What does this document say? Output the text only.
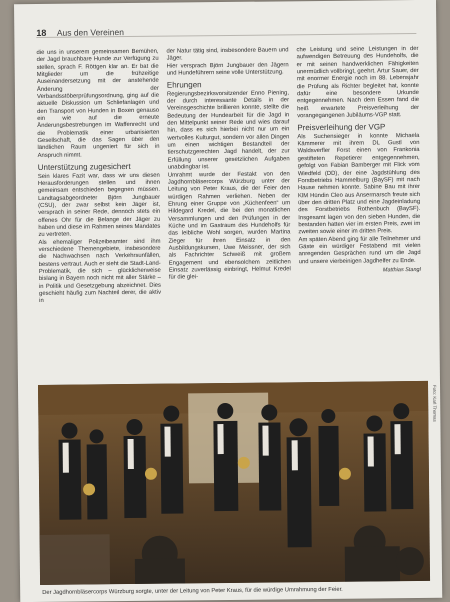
18 Aus den Vereinen

die uns in unserem gemeinsamen Bemühen, der Jagd brauchbare Hunde zur Verfügung zu stellen, sprach F. Röttgen klar an. Er bat die Mitglieder um die frühzeitige Auseinandersetzung mit der anstehende Änderung der Verbandsstöberprüfungsordnung, ging auf die aktuelle Diskussion um Schliefanlagen und den Transport von Hunden in Boxen genauso ein wie auf die erneute Änderungsbestrebungen im Waffenrecht und die Problematik einer urbanisierten Gesellschaft, die das Sagen über den ländlichen Raum ungeniert für sich in Anspruch nimmt.

Unterstützung zugesichert

Sein klares Fazit war, dass wir uns diesen Herausforderungen stellen und ihnen gemeinsam entschieden begegnen müssen. Landtagsabgeordneter Björn Jungbauer (CSU), der zwar selbst kein Jäger ist, versprach in seiner Rede, dennoch stets ein offenes Ohr für die Belange der Jäger zu haben und diese im Rahmen seines Mandates zu vertreten.

Als ehemaliger Polizeibeamter sind ihm verschiedene Themengebiete, insbesondere die Nachwachsen nach Verkehrsunfällen, bestens vertraut. Auch er sieht die Stadt-Land-Problematik, die sich – glücklicherweise bislang in Bayern noch nicht mit aller Stärke – in Politik und Gesetzgebung abzeichnet. Dies geschieht häufig zum Nachteil derer, die aktiv in

der Natur tätig sind, insbesondere Bauern und Jäger.

Hier versprach Björn Jungbauer den Jägern und Hundeführern seine volle Unterstützung.

Ehrungen

Regierungsbezirksvorsitzender Enno Piening, der durch interessante Details in der Vereinsgeschichte brillieren konnte, stellte die Bedeutung der Hundearbeit für die Jagd in den Mittelpunkt seiner Rede und wies darauf hin, dass es sich hierbei nicht nur um ein wertvolles Kulturgut, sondern vor allen Dingen um einen wichtigen Bestandteil der tierschutzgerechten Jagd handelt, der zur Erfüllung unserer gesetzlichen Aufgaben unabdingbar ist.

Umrahmt wurde der Festakt von den Jagdhornbläsercorps Würzburg unter der Leitung von Peter Kraus, die der Feier den würdigen Rahmen verliehen. Neben der Ehrung einer Gruppe von „Küchenfeen“ um Hildegard Kredel, die bei den monatlichen Versammlungen und den Prüfungen in der Küche und im Gastraum des Hundeholfs für das leibliche Wohl sorgen, wurden Martina Zieger für ihren Einsatz in den Ausbildungskursen, Uwe Meissner, der sich als Fachrichter Schweiß mit großem Engagement und ebensolchem zeitlichen Einsatz zuverlässig einbringt, Helmut Kredel für die glei-

che Leistung und seine Leistungen in der aufwendigen Betreuung des Hundeholfs, die er mit seinen handwerklichen Fähigkeiten unermüdlich vollbringt, geehrt. Artur Sauer, der mit enormer Energie noch im 88. Lebensjahr die Prüfung als Richter begleitet hat, konnte dafür eine besondere Urkunde entgegennehmen. Nach dem Essen fand die heiß erwartete Preisverleihung der vorangegangenen Jubiläums-VGP statt.

Preisverleihung der VGP

Als Suchensieger in konnte Michaela Kämmerer mit ihrem DL Gustl von Waldsverfler Forst einen von Frankonia gestifteten Repetierer entgegennehmen, gefolgt von Fabian Bamberger mit Flick vom Wiedfeld (DD), der eine Jagdstühlung des Forstbetriebs Hammelburg (BaySF) mit nach Hause nehmen konnte. Sabine Bau mit ihrer KlM Hündin Cleo aus Ansermarsch freute sich über den dritten Platz und eine Jagdeinladung des Forstbetriebs Rothenbuch (BaySF). Insgesamt lagen von den sieben Hunden, die bestanden hatten vier im ersten Preis, zwei im zweiten sowie einer im dritten Preis.

Am späten Abend ging für alle Teilnehmer und Gäste ein würdiger Festabend mit vielen anregenden Gesprächen rund um die Jagd und unsere vierbeinigen Jagdhelfer zu Ende.

Matthias Stangl
Foto: Karl Thomas
Der Jagdhornbläsercorps Würzburg sorgte, unter der Leitung von Peter Kraus, für die würdige Umrahmung der Feier.
